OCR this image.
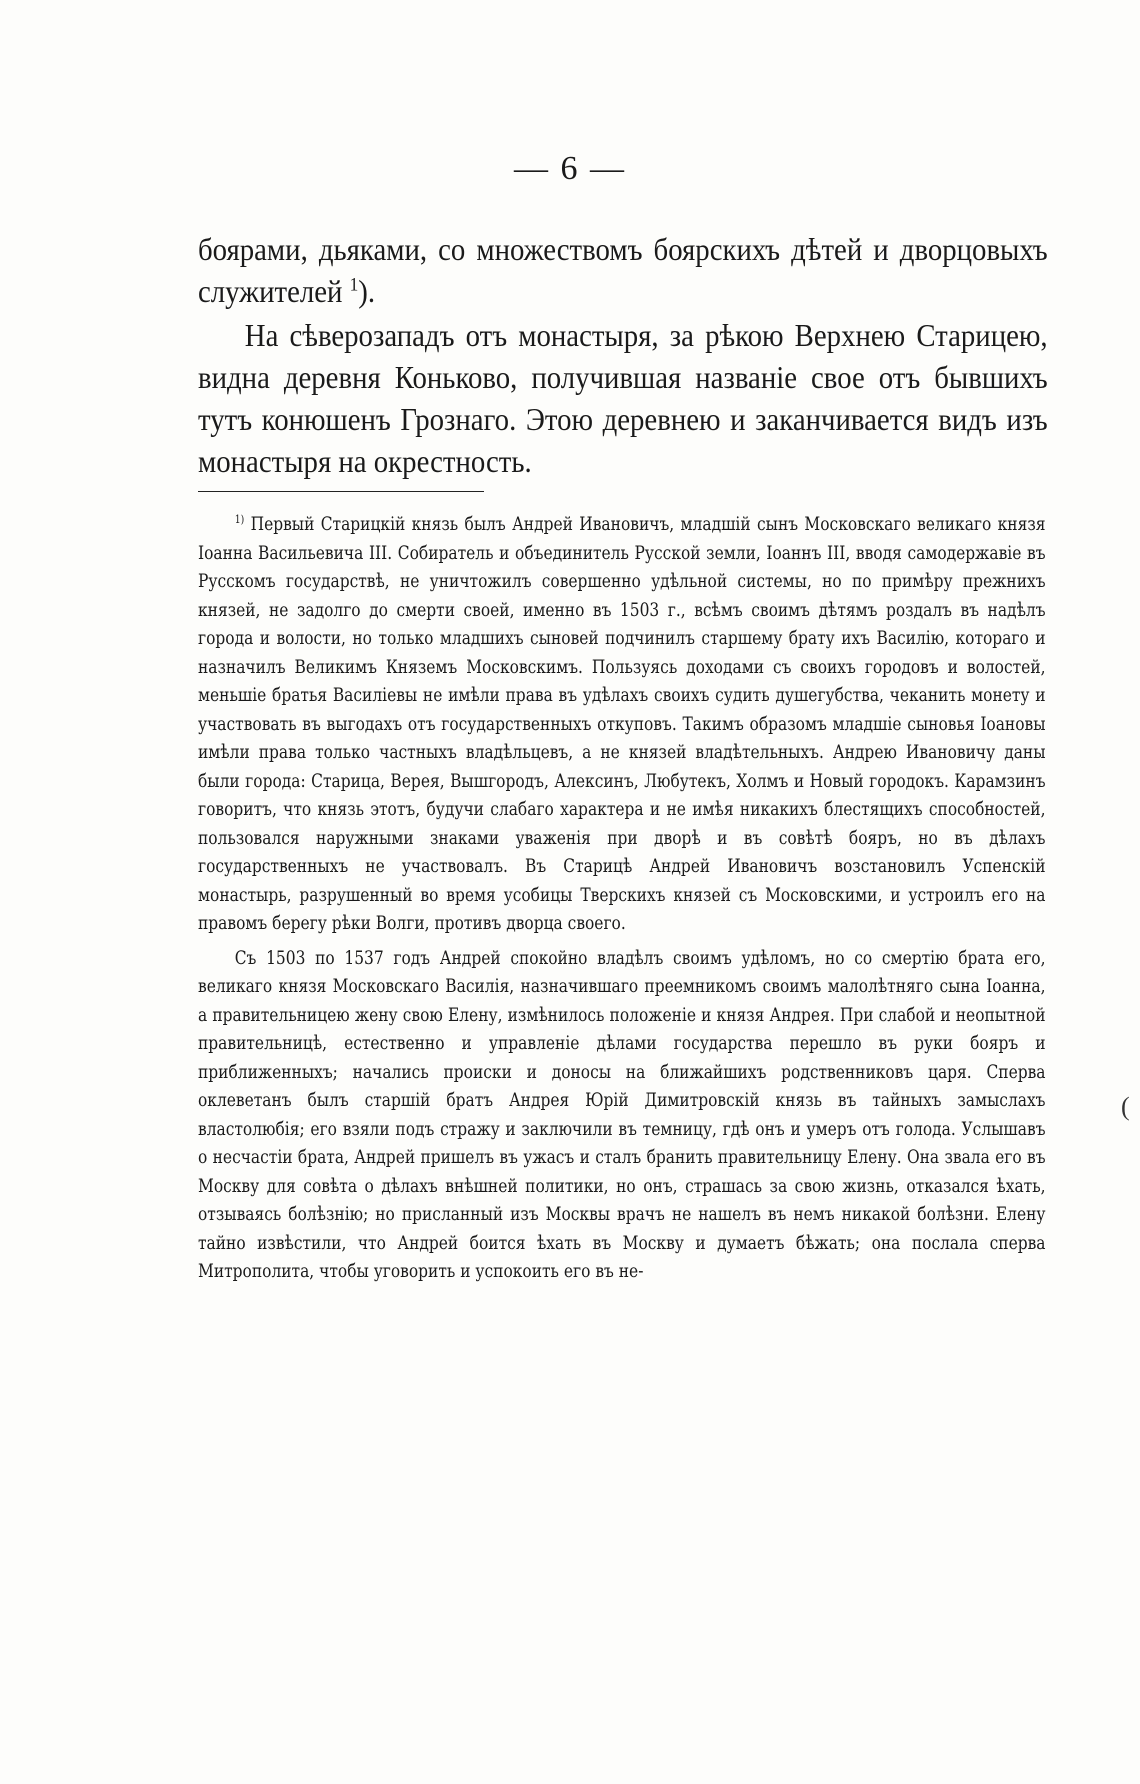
— 6 —

боярами, дьяками, со множествомъ боярскихъ дѣтей и дворцовыхъ служителей $^1$).

На сѣверозападъ отъ монастыря, за рѣкою Верхнею Старицею, видна деревня Коньково, получившая названіе свое отъ бывшихъ тутъ конюшенъ Грознаго. Этою деревнею и заканчивается видъ изъ монастыря на окрестность.

$^{1)}$ Первый Старицкій князь былъ Андрей Ивановичъ, младшій сынъ Московскаго великаго князя Іоанна Васильевича III. Собиратель и объединитель Русской земли, Іоаннъ III, вводя самодержавіе въ Русскомъ государствѣ, не уничтожилъ совершенно удѣльной системы, но по примѣру прежнихъ князей, не задолго до смерти своей, именно въ 1503 г., всѣмъ своимъ дѣтямъ роздалъ въ надѣлъ города и волости, но только младшихъ сыновей подчинилъ старшему брату ихъ Василію, котораго и назначилъ Великимъ Княземъ Московскимъ. Пользуясь доходами съ своихъ городовъ и волостей, меньшіе братья Василіевы не имѣли права въ удѣлахъ своихъ судить душегубства, чеканить монету и участвовать въ выгодахъ отъ государственныхъ откуповъ. Такимъ образомъ младшіе сыновья Іоановы имѣли права только частныхъ владѣльцевъ, а не князей владѣтельныхъ. Андрею Ивановичу даны были города: Старица, Верея, Вышгородъ, Алексинъ, Любутекъ, Холмъ и Новый городокъ. Карамзинъ говоритъ, что князь этотъ, будучи слабаго характера и не имѣя никакихъ блестящихъ способностей, пользовался наружными знаками уваженія при дворѣ и въ совѣтѣ бояръ, но въ дѣлахъ государственныхъ не участвовалъ. Въ Старицѣ Андрей Ивановичъ возстановилъ Успенскій монастырь, разрушенный во время усобицы Тверскихъ князей съ Московскими, и устроилъ его на правомъ берегу рѣки Волги, противъ дворца своего.

Съ 1503 по 1537 годъ Андрей спокойно владѣлъ своимъ удѣломъ, но со смертію брата его, великаго князя Московскаго Василія, назначившаго преемникомъ своимъ малолѣтняго сына Іоанна, а правительницею жену свою Елену, измѣнилось положеніе и князя Андрея. При слабой и неопытной правительницѣ, естественно и управленіе дѣлами государства перешло въ руки бояръ и приближенныхъ; начались происки и доносы на ближайшихъ родственниковъ царя. Сперва оклеветанъ былъ старшій братъ Андрея Юрій Димитровскій князь въ тайныхъ замыслахъ властолюбія; его взяли подъ стражу и заключили въ темницу, гдѣ онъ и умеръ отъ голода. Услышавъ о несчастіи брата, Андрей пришелъ въ ужасъ и сталъ бранить правительницу Елену. Она звала его въ Москву для совѣта о дѣлахъ внѣшней политики, но онъ, страшась за свою жизнь, отказался ѣхать, отзываясь болѣзнію; но присланный изъ Москвы врачъ не нашелъ въ немъ никакой болѣзни. Елену тайно извѣстили, что Андрей боится ѣхать въ Москву и думаетъ бѣжать; она послала сперва Митрополита, чтобы уговорить и успокоить его въ не-

(
